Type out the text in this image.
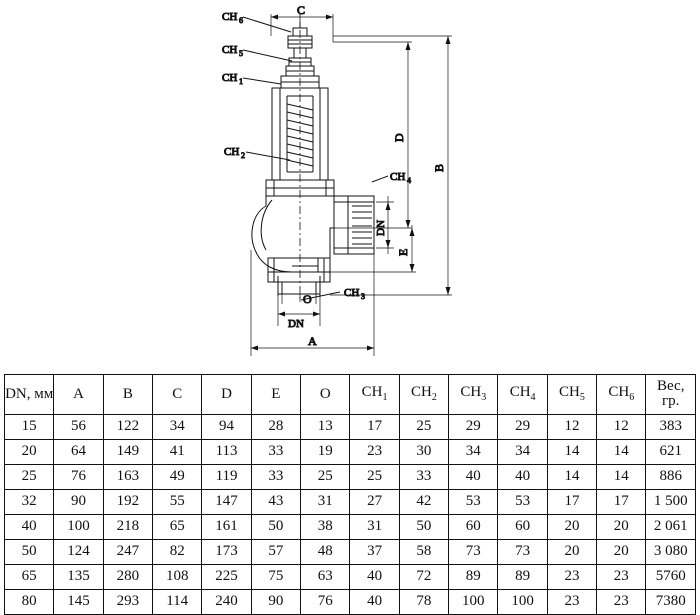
CH 6
CH 5
CH 1
CH 2
CH 3
CH 4
C
D
B
E
DN
O
DN
A
DN, мм	A	B	C	D	E	O	$CH_1$	$CH_2$	$CH_3$	$CH_4$	$CH_5$	$CH_6$	Вес, гр.
15	56	122	34	94	28	13	17	25	29	29	12	12	383
20	64	149	41	113	33	19	23	30	34	34	14	14	621
25	76	163	49	119	33	25	25	33	40	40	14	14	886
32	90	192	55	147	43	31	27	42	53	53	17	17	1 500
40	100	218	65	161	50	38	31	50	60	60	20	20	2 061
50	124	247	82	173	57	48	37	58	73	73	20	20	3 080
65	135	280	108	225	75	63	40	72	89	89	23	23	5760
80	145	293	114	240	90	76	40	78	100	100	23	23	7380
